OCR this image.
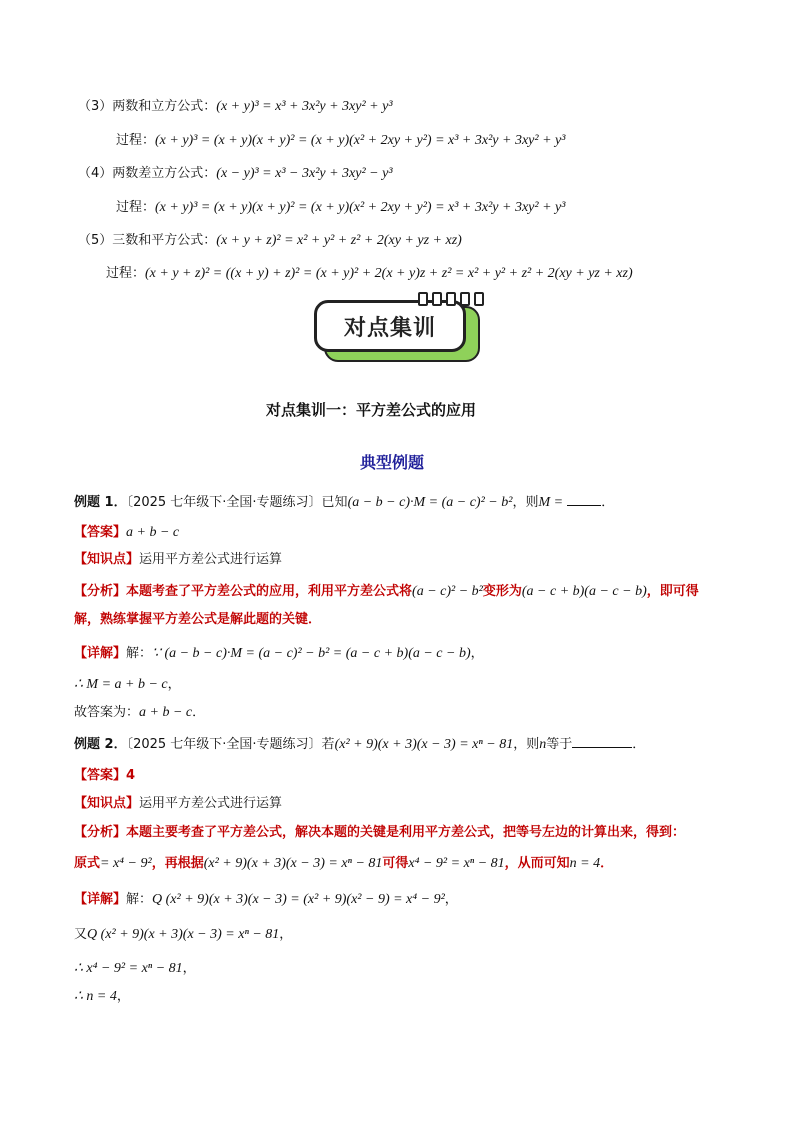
（3）两数和立方公式：(x + y)³ = x³ + 3x²y + 3xy² + y³
过程：(x + y)³ = (x + y)(x + y)² = (x + y)(x² + 2xy + y²) = x³ + 3x²y + 3xy² + y³
（4）两数差立方公式：(x − y)³ = x³ − 3x²y + 3xy² − y³
过程：(x + y)³ = (x + y)(x + y)² = (x + y)(x² + 2xy + y²) = x³ + 3x²y + 3xy² + y³
（5）三数和平方公式：(x + y + z)² = x² + y² + z² + 2(xy + yz + xz)
过程：(x + y + z)² = ((x + y) + z)² = (x + y)² + 2(x + y)z + z² = x² + y² + z² + 2(xy + yz + xz)
对点集训
对点集训一：平方差公式的应用
典型例题
例题 1．〔2025 七年级下·全国·专题练习〕已知(a − b − c)·M = (a − c)² − b²，则M =	．
【答案】a + b − c
【知识点】运用平方差公式进行运算
【分析】本题考查了平方差公式的应用，利用平方差公式将(a − c)² − b²变形为(a − c + b)(a − c − b)，即可得
解，熟练掌握平方差公式是解此题的关键．
【详解】解：∵ (a − b − c)·M = (a − c)² − b² = (a − c + b)(a − c − b)，
∴ M = a + b − c，
故答案为：a + b − c．
例题 2．〔2025 七年级下·全国·专题练习〕若(x² + 9)(x + 3)(x − 3) = xⁿ − 81，则n等于	．
【答案】4
【知识点】运用平方差公式进行运算
【分析】本题主要考查了平方差公式，解决本题的关键是利用平方差公式，把等号左边的计算出来，得到：
原式= x⁴ − 9²，再根据(x² + 9)(x + 3)(x − 3) = xⁿ − 81可得x⁴ − 9² = xⁿ − 81，从而可知n = 4．
【详解】解：Q (x² + 9)(x + 3)(x − 3) = (x² + 9)(x² − 9) = x⁴ − 9²，
又Q (x² + 9)(x + 3)(x − 3) = xⁿ − 81，
∴ x⁴ − 9² = xⁿ − 81，
∴ n = 4，
